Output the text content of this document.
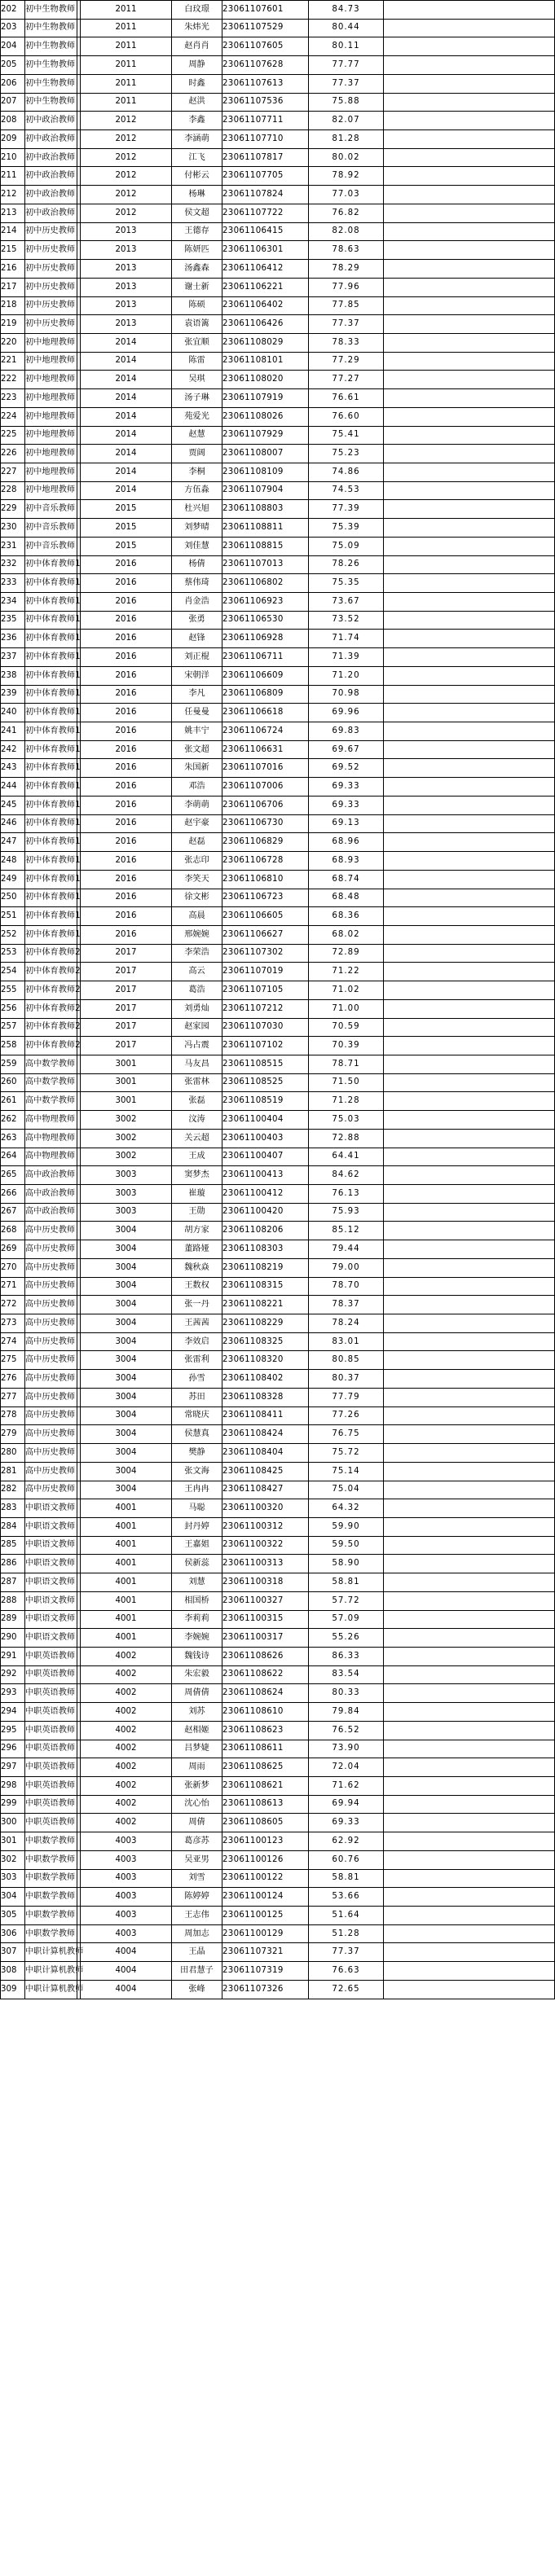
202	初中生物教师		2011	白玟璟	23061107601	84.73	
203	初中生物教师		2011	朱炜光	23061107529	80.44	
204	初中生物教师		2011	赵肖肖	23061107605	80.11	
205	初中生物教师		2011	周静	23061107628	77.77	
206	初中生物教师		2011	时鑫	23061107613	77.37	
207	初中生物教师		2011	赵洪	23061107536	75.88	
208	初中政治教师		2012	李鑫	23061107711	82.07	
209	初中政治教师		2012	李涵萌	23061107710	81.28	
210	初中政治教师		2012	江飞	23061107817	80.02	
211	初中政治教师		2012	付彬云	23061107705	78.92	
212	初中政治教师		2012	杨琳	23061107824	77.03	
213	初中政治教师		2012	侯文超	23061107722	76.82	
214	初中历史教师		2013	王德存	23061106415	82.08	
215	初中历史教师		2013	陈妍匹	23061106301	78.63	
216	初中历史教师		2013	汤鑫森	23061106412	78.29	
217	初中历史教师		2013	谢士新	23061106221	77.96	
218	初中历史教师		2013	陈硕	23061106402	77.85	
219	初中历史教师		2013	袁语篱	23061106426	77.37	
220	初中地理教师		2014	张宜顺	23061108029	78.33	
221	初中地理教师		2014	陈雷	23061108101	77.29	
222	初中地理教师		2014	吴琪	23061108020	77.27	
223	初中地理教师		2014	汤子琳	23061107919	76.61	
224	初中地理教师		2014	苑爱光	23061108026	76.60	
225	初中地理教师		2014	赵慧	23061107929	75.41	
226	初中地理教师		2014	贾阔	23061108007	75.23	
227	初中地理教师		2014	李桐	23061108109	74.86	
228	初中地理教师		2014	方伍淼	23061107904	74.53	
229	初中音乐教师		2015	杜兴旭	23061108803	77.39	
230	初中音乐教师		2015	刘梦晴	23061108811	75.39	
231	初中音乐教师		2015	刘佳慧	23061108815	75.09	
232	初中体育教师1		2016	杨倩	23061107013	78.26	
233	初中体育教师1		2016	蔡伟琦	23061106802	75.35	
234	初中体育教师1		2016	肖金浩	23061106923	73.67	
235	初中体育教师1		2016	张勇	23061106530	73.52	
236	初中体育教师1		2016	赵锋	23061106928	71.74	
237	初中体育教师1		2016	刘正棍	23061106711	71.39	
238	初中体育教师1		2016	宋朝洋	23061106609	71.20	
239	初中体育教师1		2016	李凡	23061106809	70.98	
240	初中体育教师1		2016	任曼曼	23061106618	69.96	
241	初中体育教师1		2016	姚丰宁	23061106724	69.83	
242	初中体育教师1		2016	张文超	23061106631	69.67	
243	初中体育教师1		2016	朱国新	23061107016	69.52	
244	初中体育教师1		2016	邓浩	23061107006	69.33	
245	初中体育教师1		2016	李萌萌	23061106706	69.33	
246	初中体育教师1		2016	赵宇豪	23061106730	69.13	
247	初中体育教师1		2016	赵磊	23061106829	68.96	
248	初中体育教师1		2016	张志印	23061106728	68.93	
249	初中体育教师1		2016	李笑天	23061106810	68.74	
250	初中体育教师1		2016	徐文彬	23061106723	68.48	
251	初中体育教师1		2016	高晨	23061106605	68.36	
252	初中体育教师1		2016	邢婉婉	23061106627	68.02	
253	初中体育教师2		2017	李荣浩	23061107302	72.89	
254	初中体育教师2		2017	高云	23061107019	71.22	
255	初中体育教师2		2017	葛浩	23061107105	71.02	
256	初中体育教师2		2017	刘勇灿	23061107212	71.00	
257	初中体育教师2		2017	赵家园	23061107030	70.59	
258	初中体育教师2		2017	冯占震	23061107102	70.39	
259	高中数学教师		3001	马友昌	23061108515	78.71	
260	高中数学教师		3001	张雷林	23061108525	71.50	
261	高中数学教师		3001	张磊	23061108519	71.28	
262	高中物理教师		3002	汶涛	23061100404	75.03	
263	高中物理教师		3002	关云超	23061100403	72.88	
264	高中物理教师		3002	王成	23061100407	64.41	
265	高中政治教师		3003	窦梦杰	23061100413	84.62	
266	高中政治教师		3003	崔璇	23061100412	76.13	
267	高中政治教师		3003	王勋	23061100420	75.93	
268	高中历史教师		3004	胡方家	23061108206	85.12	
269	高中历史教师		3004	董路娅	23061108303	79.44	
270	高中历史教师		3004	魏秋焱	23061108219	79.00	
271	高中历史教师		3004	王数权	23061108315	78.70	
272	高中历史教师		3004	张一丹	23061108221	78.37	
273	高中历史教师		3004	王茜茜	23061108229	78.24	
274	高中历史教师		3004	李效启	23061108325	83.01	
275	高中历史教师		3004	张雷利	23061108320	80.85	
276	高中历史教师		3004	孙雪	23061108402	80.37	
277	高中历史教师		3004	苏田	23061108328	77.79	
278	高中历史教师		3004	常晓庆	23061108411	77.26	
279	高中历史教师		3004	侯慧真	23061108424	76.75	
280	高中历史教师		3004	樊静	23061108404	75.72	
281	高中历史教师		3004	张文海	23061108425	75.14	
282	高中历史教师		3004	王冉冉	23061108427	75.04	
283	中职语文教师		4001	马聪	23061100320	64.32	
284	中职语文教师		4001	封丹婷	23061100312	59.90	
285	中职语文教师		4001	王嘉姐	23061100322	59.50	
286	中职语文教师		4001	侯新蕊	23061100313	58.90	
287	中职语文教师		4001	刘慧	23061100318	58.81	
288	中职语文教师		4001	相国桥	23061100327	57.72	
289	中职语文教师		4001	李莉莉	23061100315	57.09	
290	中职语文教师		4001	李婉婉	23061100317	55.26	
291	中职英语教师		4002	魏钱诗	23061108626	86.33	
292	中职英语教师		4002	朱宏毅	23061108622	83.54	
293	中职英语教师		4002	周倩倩	23061108624	80.33	
294	中职英语教师		4002	刘苏	23061108610	79.84	
295	中职英语教师		4002	赵相姬	23061108623	76.52	
296	中职英语教师		4002	吕梦婕	23061108611	73.90	
297	中职英语教师		4002	周雨	23061108625	72.04	
298	中职英语教师		4002	张新梦	23061108621	71.62	
299	中职英语教师		4002	沈心怡	23061108613	69.94	
300	中职英语教师		4002	周倩	23061108605	69.33	
301	中职数学教师		4003	葛彦苏	23061100123	62.92	
302	中职数学教师		4003	吴亚男	23061100126	60.76	
303	中职数学教师		4003	刘雪	23061100122	58.81	
304	中职数学教师		4003	陈婷婷	23061100124	53.66	
305	中职数学教师		4003	王志伟	23061100125	51.64	
306	中职数学教师		4003	周加志	23061100129	51.28	
307	中职计算机教师		4004	王晶	23061107321	77.37	
308	中职计算机教师		4004	田君慧子	23061107319	76.63	
309	中职计算机教师		4004	张峰	23061107326	72.65	
